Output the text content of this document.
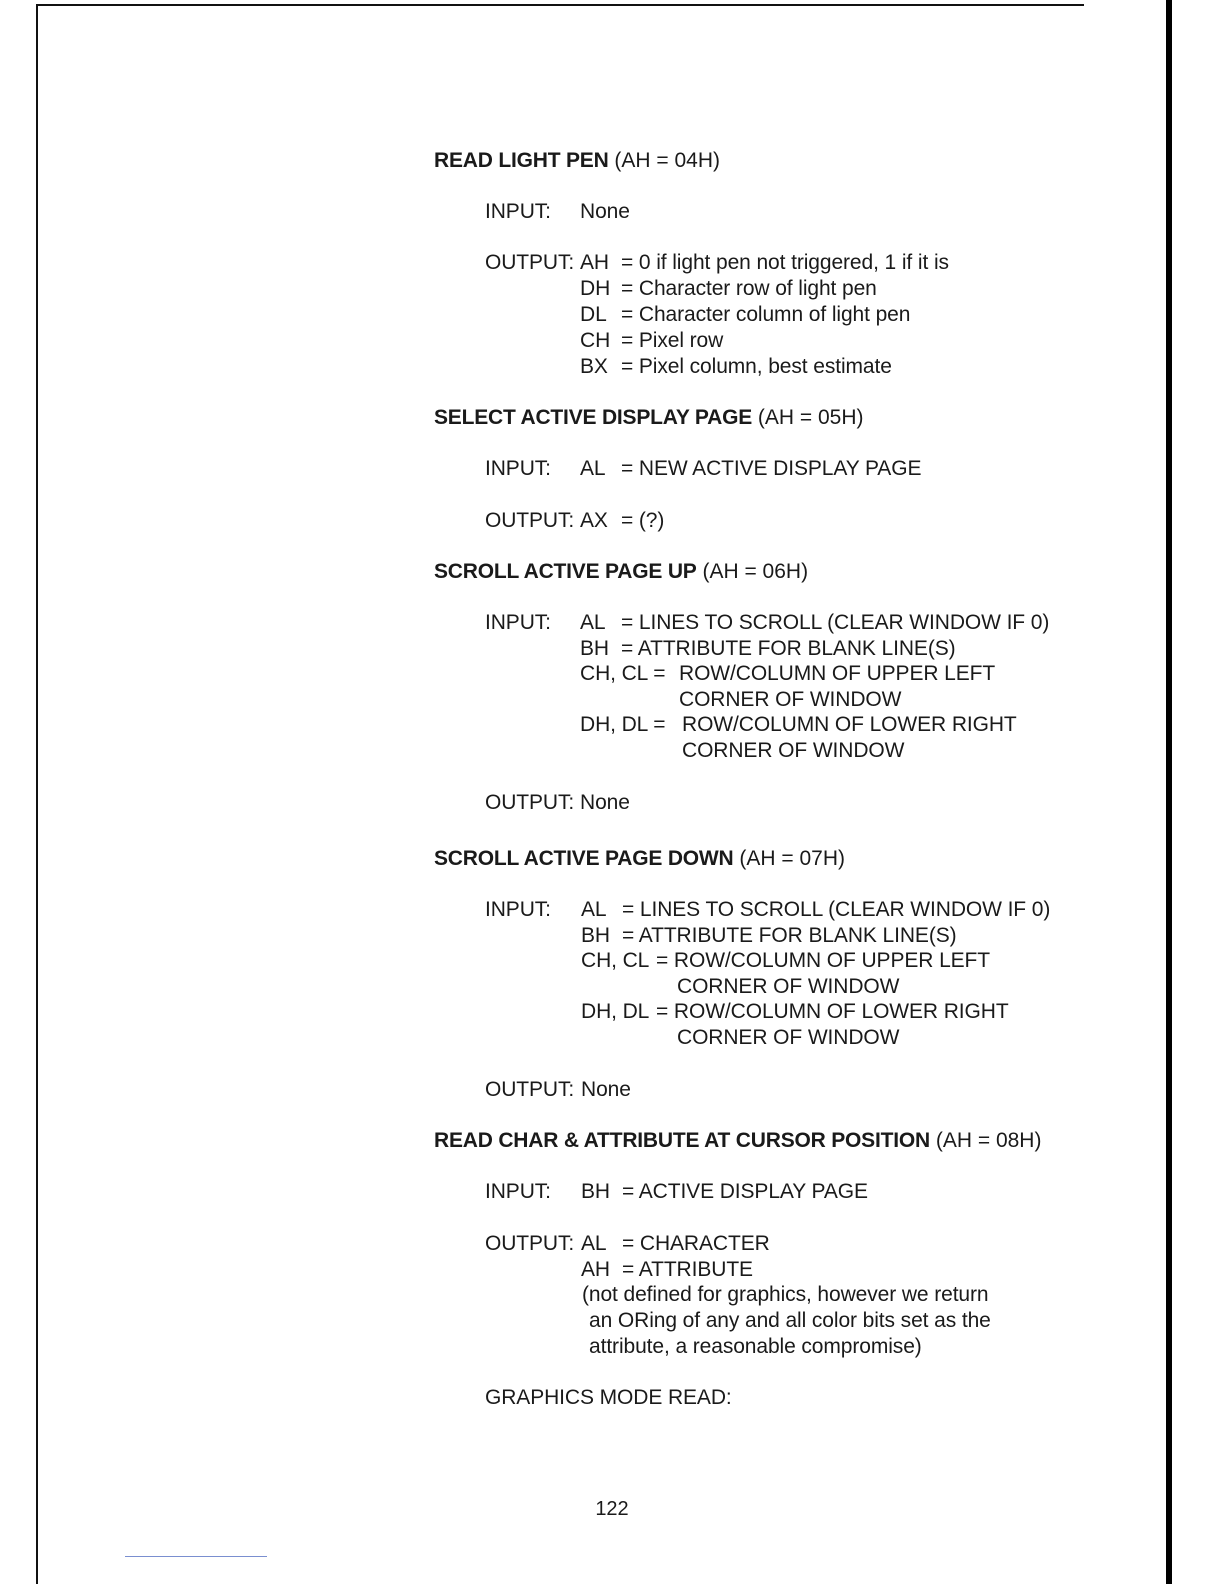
READ LIGHT PEN (AH = 04H)
INPUT: None
OUTPUT: AH = 0 if light pen not triggered, 1 if it is
DH = Character row of light pen
DL = Character column of light pen
CH = Pixel row
BX = Pixel column, best estimate
SELECT ACTIVE DISPLAY PAGE (AH = 05H)
INPUT: AL = NEW ACTIVE DISPLAY PAGE
OUTPUT: AX = (?)
SCROLL ACTIVE PAGE UP (AH = 06H)
INPUT: AL = LINES TO SCROLL (CLEAR WINDOW IF 0)
BH = ATTRIBUTE FOR BLANK LINE(S)
CH, CL = ROW/COLUMN OF UPPER LEFT
CORNER OF WINDOW
DH, DL = ROW/COLUMN OF LOWER RIGHT
CORNER OF WINDOW
OUTPUT: None
SCROLL ACTIVE PAGE DOWN (AH = 07H)
INPUT: AL = LINES TO SCROLL (CLEAR WINDOW IF 0)
BH = ATTRIBUTE FOR BLANK LINE(S)
CH, CL = ROW/COLUMN OF UPPER LEFT
CORNER OF WINDOW
DH, DL = ROW/COLUMN OF LOWER RIGHT
CORNER OF WINDOW
OUTPUT: None
READ CHAR & ATTRIBUTE AT CURSOR POSITION (AH = 08H)
INPUT: BH = ACTIVE DISPLAY PAGE
OUTPUT: AL = CHARACTER
AH = ATTRIBUTE
(not defined for graphics, however we return
an ORing of any and all color bits set as the
attribute, a reasonable compromise)
GRAPHICS MODE READ:
122
